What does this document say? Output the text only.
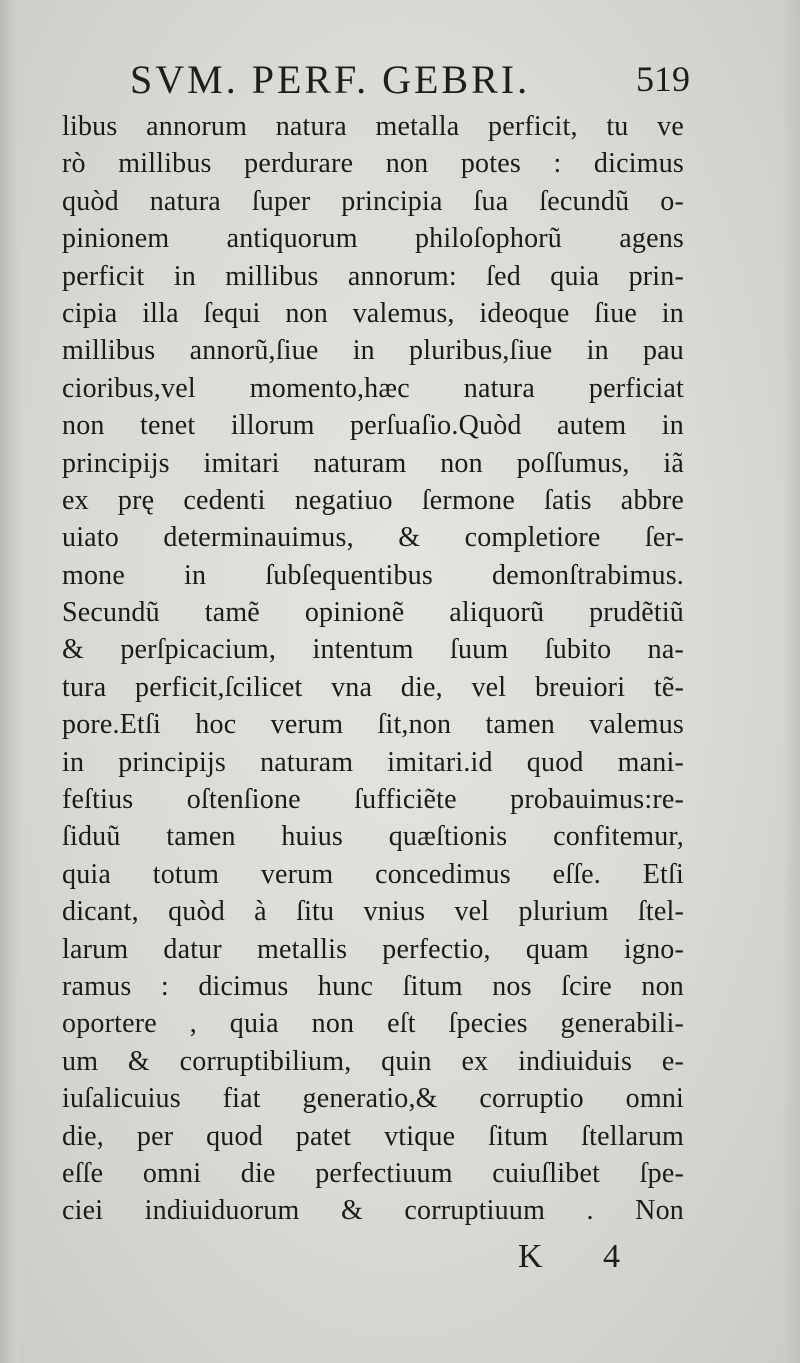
SVM. PERF. GEBRI.	519
libus annorum natura metalla perficit, tu ve
rò millibus perdurare non potes : dicimus
quòd natura ſuper principia ſua ſecundũ o-
pinionem antiquorum philoſophorũ agens
perficit in millibus annorum: ſed quia prin-
cipia illa ſequi non valemus, ideoque ſiue in
millibus annorũ,ſiue in pluribus,ſiue in pau
cioribus,vel momento,hæc natura perficiat
non tenet illorum perſuaſio.Quòd autem in
principijs imitari naturam non poſſumus, iã
ex prę cedenti negatiuo ſermone ſatis abbre
uiato determinauimus, & completiore ſer-
mone in ſubſequentibus demonſtrabimus.
Secundũ tamẽ opinionẽ aliquorũ prudẽtiũ
& perſpicacium, intentum ſuum ſubito na-
tura perficit,ſcilicet vna die, vel breuiori tẽ-
pore.Etſi hoc verum ſit,non tamen valemus
in principijs naturam imitari.id quod mani-
feſtius oſtenſione ſufficiẽte probauimus:re-
ſiduũ tamen huius quæſtionis confitemur,
quia totum verum concedimus eſſe. Etſi
dicant, quòd à ſitu vnius vel plurium ſtel-
larum datur metallis perfectio, quam igno-
ramus : dicimus hunc ſitum nos ſcire non
oportere , quia non eſt ſpecies generabili-
um & corruptibilium, quin ex indiuiduis e-
iuſalicuius fiat generatio,& corruptio omni
die, per quod patet vtique ſitum ſtellarum
eſſe omni die perfectiuum cuiuſlibet ſpe-
ciei indiuiduorum & corruptiuum . Non
K 4
